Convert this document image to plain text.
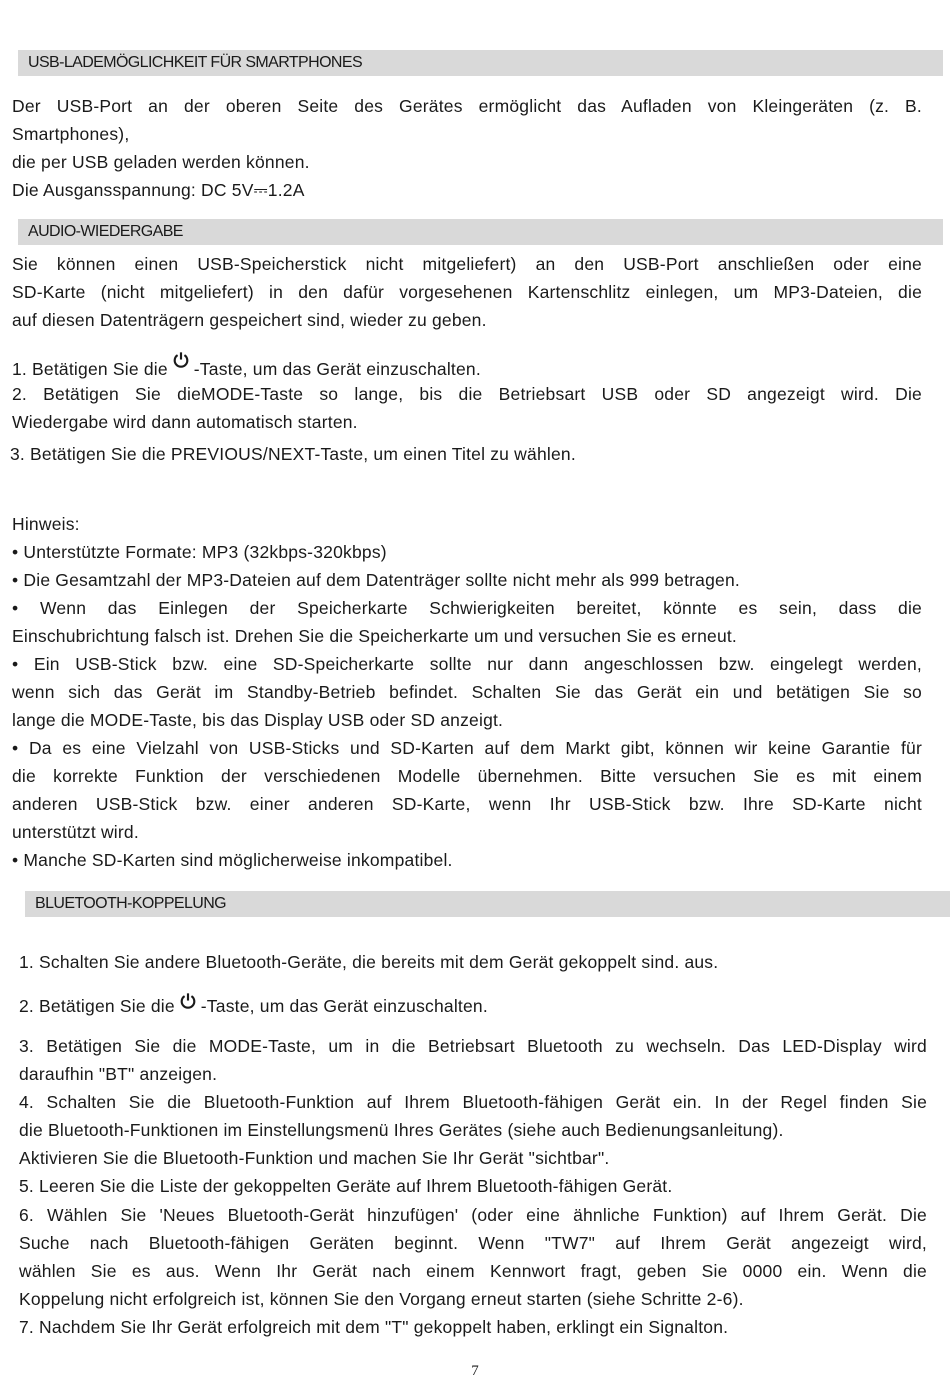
USB-LADEMÖGLICHKEIT FÜR SMARTPHONES
Der USB-Port an der oberen Seite des Gerätes ermöglicht das Aufladen von Kleingeräten (z. B.
Smartphones),
die per USB geladen werden können.
Die Ausgansspannung: DC 5V⎓1.2A
AUDIO-WIEDERGABE
Sie können einen USB-Speicherstick nicht mitgeliefert) an den USB-Port anschließen oder eine
SD-Karte (nicht mitgeliefert) in den dafür vorgesehenen Kartenschlitz einlegen, um MP3-Dateien, die
auf diesen Datenträgern gespeichert sind, wieder zu geben.
1. Betätigen Sie die -Taste, um das Gerät einzuschalten.
2. Betätigen Sie dieMODE-Taste so lange, bis die Betriebsart USB oder SD angezeigt wird. Die
Wiedergabe wird dann automatisch starten.
3. Betätigen Sie die PREVIOUS/NEXT-Taste, um einen Titel zu wählen.
Hinweis:
• Unterstützte Formate: MP3 (32kbps-320kbps)
• Die Gesamtzahl der MP3-Dateien auf dem Datenträger sollte nicht mehr als 999 betragen.
• Wenn das Einlegen der Speicherkarte Schwierigkeiten bereitet, könnte es sein, dass die
Einschubrichtung falsch ist. Drehen Sie die Speicherkarte um und versuchen Sie es erneut.
• Ein USB-Stick bzw. eine SD-Speicherkarte sollte nur dann angeschlossen bzw. eingelegt werden,
wenn sich das Gerät im Standby-Betrieb befindet. Schalten Sie das Gerät ein und betätigen Sie so
lange die MODE-Taste, bis das Display USB oder SD anzeigt.
• Da es eine Vielzahl von USB-Sticks und SD-Karten auf dem Markt gibt, können wir keine Garantie für
die korrekte Funktion der verschiedenen Modelle übernehmen. Bitte versuchen Sie es mit einem
anderen USB-Stick bzw. einer anderen SD-Karte, wenn Ihr USB-Stick bzw. Ihre SD-Karte nicht
unterstützt wird.
• Manche SD-Karten sind möglicherweise inkompatibel.
BLUETOOTH-KOPPELUNG
1. Schalten Sie andere Bluetooth-Geräte, die bereits mit dem Gerät gekoppelt sind. aus.
2. Betätigen Sie die -Taste, um das Gerät einzuschalten.
3. Betätigen Sie die MODE-Taste, um in die Betriebsart Bluetooth zu wechseln. Das LED-Display wird
daraufhin "BT" anzeigen.
4. Schalten Sie die Bluetooth-Funktion auf Ihrem Bluetooth-fähigen Gerät ein. In der Regel finden Sie
die Bluetooth-Funktionen im Einstellungsmenü Ihres Gerätes (siehe auch Bedienungsanleitung).
Aktivieren Sie die Bluetooth-Funktion und machen Sie Ihr Gerät "sichtbar".
5. Leeren Sie die Liste der gekoppelten Geräte auf Ihrem Bluetooth-fähigen Gerät.
6. Wählen Sie 'Neues Bluetooth-Gerät hinzufügen' (oder eine ähnliche Funktion) auf Ihrem Gerät. Die
Suche nach Bluetooth-fähigen Geräten beginnt. Wenn "TW7" auf Ihrem Gerät angezeigt wird,
wählen Sie es aus. Wenn Ihr Gerät nach einem Kennwort fragt, geben Sie 0000 ein. Wenn die
Koppelung nicht erfolgreich ist, können Sie den Vorgang erneut starten (siehe Schritte 2-6).
7. Nachdem Sie Ihr Gerät erfolgreich mit dem "T" gekoppelt haben, erklingt ein Signalton.
7
